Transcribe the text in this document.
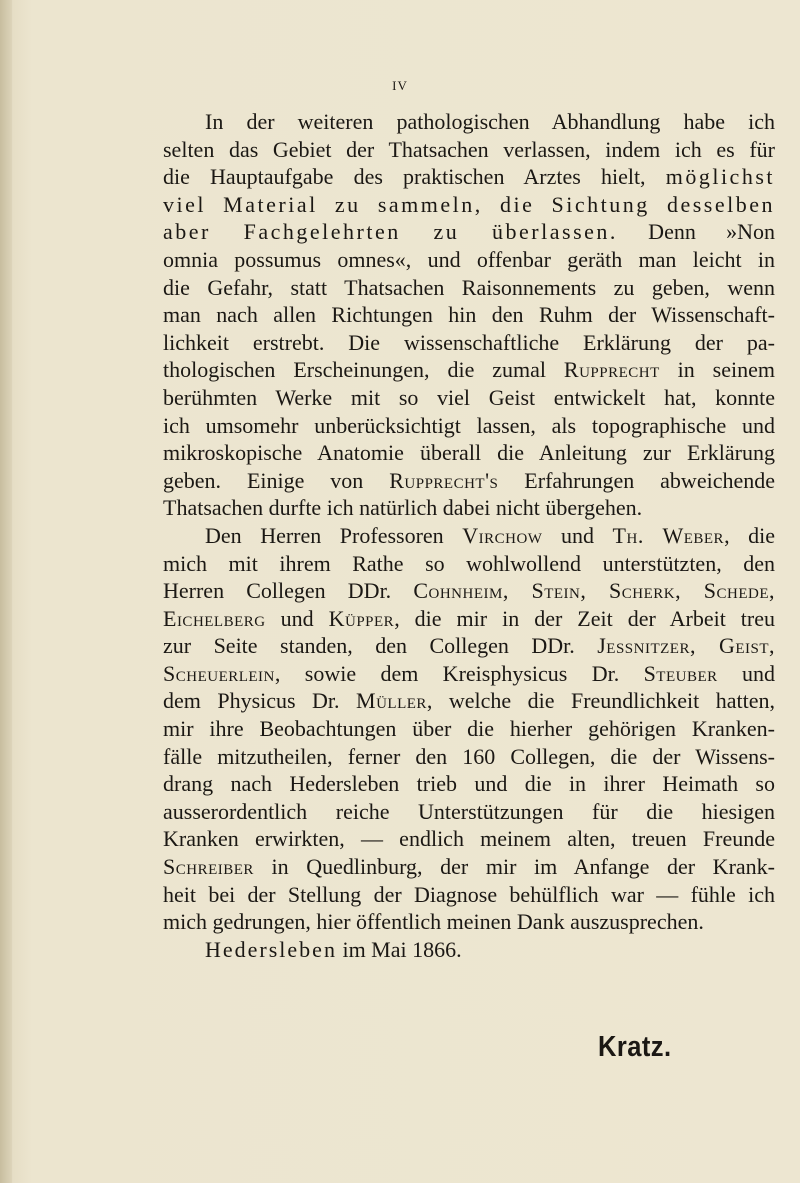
IV
In der weiteren pathologischen Abhandlung habe ich
selten das Gebiet der Thatsachen verlassen, indem ich es für
die Hauptaufgabe des praktischen Arztes hielt, möglichst
viel Material zu sammeln, die Sichtung desselben
aber Fachgelehrten zu überlassen. Denn »Non
omnia possumus omnes«, und offenbar geräth man leicht in
die Gefahr, statt Thatsachen Raisonnements zu geben, wenn
man nach allen Richtungen hin den Ruhm der Wissenschaft-
lichkeit erstrebt. Die wissenschaftliche Erklärung der pa-
thologischen Erscheinungen, die zumal Rupprecht in seinem
berühmten Werke mit so viel Geist entwickelt hat, konnte
ich umsomehr unberücksichtigt lassen, als topographische und
mikroskopische Anatomie überall die Anleitung zur Erklärung
geben. Einige von Rupprecht's Erfahrungen abweichende
Thatsachen durfte ich natürlich dabei nicht übergehen.
Den Herren Professoren Virchow und Th. Weber, die
mich mit ihrem Rathe so wohlwollend unterstützten, den
Herren Collegen DDr. Cohnheim, Stein, Scherk, Schede,
Eichelberg und Küpper, die mir in der Zeit der Arbeit treu
zur Seite standen, den Collegen DDr. Jessnitzer, Geist,
Scheuerlein, sowie dem Kreisphysicus Dr. Steuber und
dem Physicus Dr. Müller, welche die Freundlichkeit hatten,
mir ihre Beobachtungen über die hierher gehörigen Kranken-
fälle mitzutheilen, ferner den 160 Collegen, die der Wissens-
drang nach Hedersleben trieb und die in ihrer Heimath so
ausserordentlich reiche Unterstützungen für die hiesigen
Kranken erwirkten, — endlich meinem alten, treuen Freunde
Schreiber in Quedlinburg, der mir im Anfange der Krank-
heit bei der Stellung der Diagnose behülflich war — fühle ich
mich gedrungen, hier öffentlich meinen Dank auszusprechen.
Hedersleben im Mai 1866.
Kratz.
